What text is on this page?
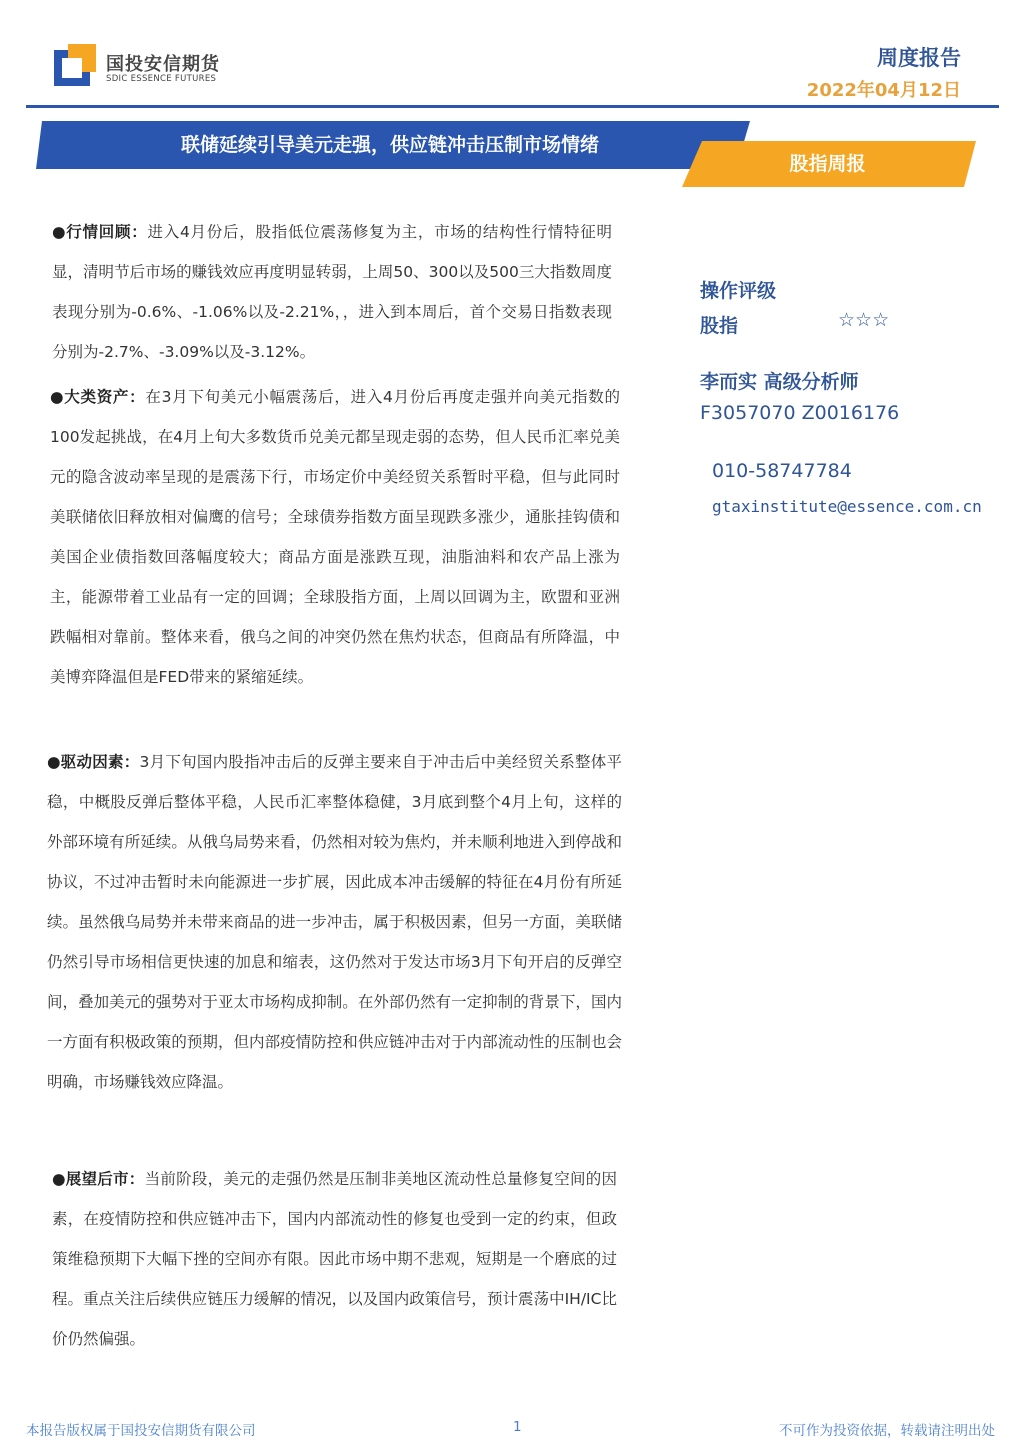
国投安信期货
SDIC ESSENCE FUTURES
周度报告
2022年04月12日
联储延续引导美元走强，供应链冲击压制市场情绪
股指周报
●行情回顾：进入4月份后，股指低位震荡修复为主，市场的结构性行情特征明显，清明节后市场的赚钱效应再度明显转弱，上周50、300以及500三大指数周度表现分别为-0.6%、-1.06%以及-2.21%，，进入到本周后，首个交易日指数表现分别为-2.7%、-3.09%以及-3.12%。
●大类资产：在3月下旬美元小幅震荡后，进入4月份后再度走强并向美元指数的100发起挑战，在4月上旬大多数货币兑美元都呈现走弱的态势，但人民币汇率兑美元的隐含波动率呈现的是震荡下行，市场定价中美经贸关系暂时平稳，但与此同时美联储依旧释放相对偏鹰的信号；全球债券指数方面呈现跌多涨少，通胀挂钩债和美国企业债指数回落幅度较大；商品方面是涨跌互现，油脂油料和农产品上涨为主，能源带着工业品有一定的回调；全球股指方面，上周以回调为主，欧盟和亚洲跌幅相对靠前。整体来看，俄乌之间的冲突仍然在焦灼状态，但商品有所降温，中美博弈降温但是FED带来的紧缩延续。
●驱动因素：3月下旬国内股指冲击后的反弹主要来自于冲击后中美经贸关系整体平稳，中概股反弹后整体平稳，人民币汇率整体稳健，3月底到整个4月上旬，这样的外部环境有所延续。从俄乌局势来看，仍然相对较为焦灼，并未顺利地进入到停战和协议，不过冲击暂时未向能源进一步扩展，因此成本冲击缓解的特征在4月份有所延续。虽然俄乌局势并未带来商品的进一步冲击，属于积极因素，但另一方面，美联储仍然引导市场相信更快速的加息和缩表，这仍然对于发达市场3月下旬开启的反弹空间，叠加美元的强势对于亚太市场构成抑制。在外部仍然有一定抑制的背景下，国内一方面有积极政策的预期，但内部疫情防控和供应链冲击对于内部流动性的压制也会明确，市场赚钱效应降温。
●展望后市：当前阶段，美元的走强仍然是压制非美地区流动性总量修复空间的因素，在疫情防控和供应链冲击下，国内内部流动性的修复也受到一定的约束，但政策维稳预期下大幅下挫的空间亦有限。因此市场中期不悲观，短期是一个磨底的过程。重点关注后续供应链压力缓解的情况，以及国内政策信号，预计震荡中IH/IC比价仍然偏强。
操作评级
股指	☆☆☆
李而实 高级分析师
F3057070 Z0016176
010-58747784
gtaxinstitute@essence.com.cn
本报告版权属于国投安信期货有限公司	1	不可作为投资依据，转载请注明出处
